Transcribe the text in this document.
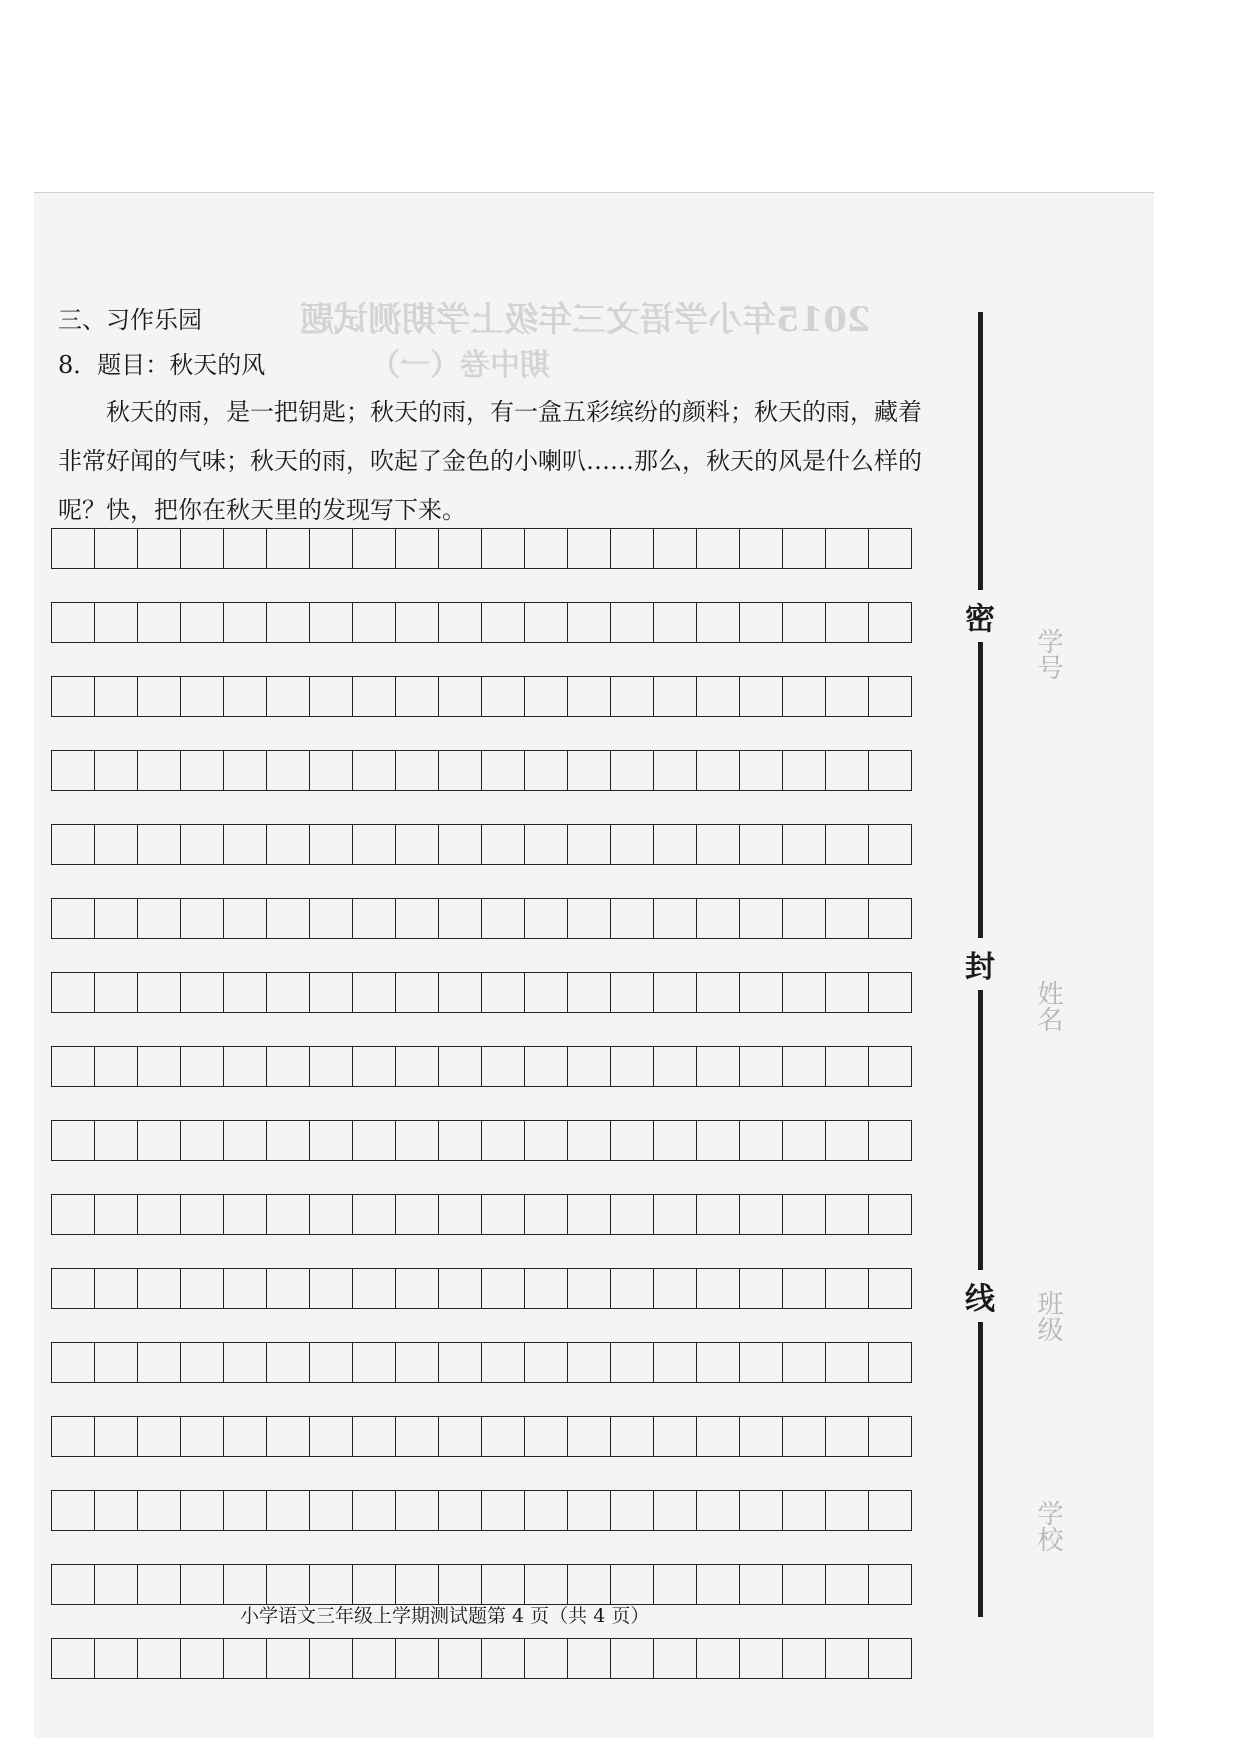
2015年小学语文三年级上学期测试题
期中卷（一）
三、习作乐园
8．题目：秋天的风
秋天的雨，是一把钥匙；秋天的雨，有一盒五彩缤纷的颜料；秋天的雨，藏着非常好闻的气味；秋天的雨，吹起了金色的小喇叭……那么，秋天的风是什么样的呢？快，把你在秋天里的发现写下来。
密
封
线
学号
姓名
班级
学校
小学语文三年级上学期测试题第 4 页（共 4 页）
